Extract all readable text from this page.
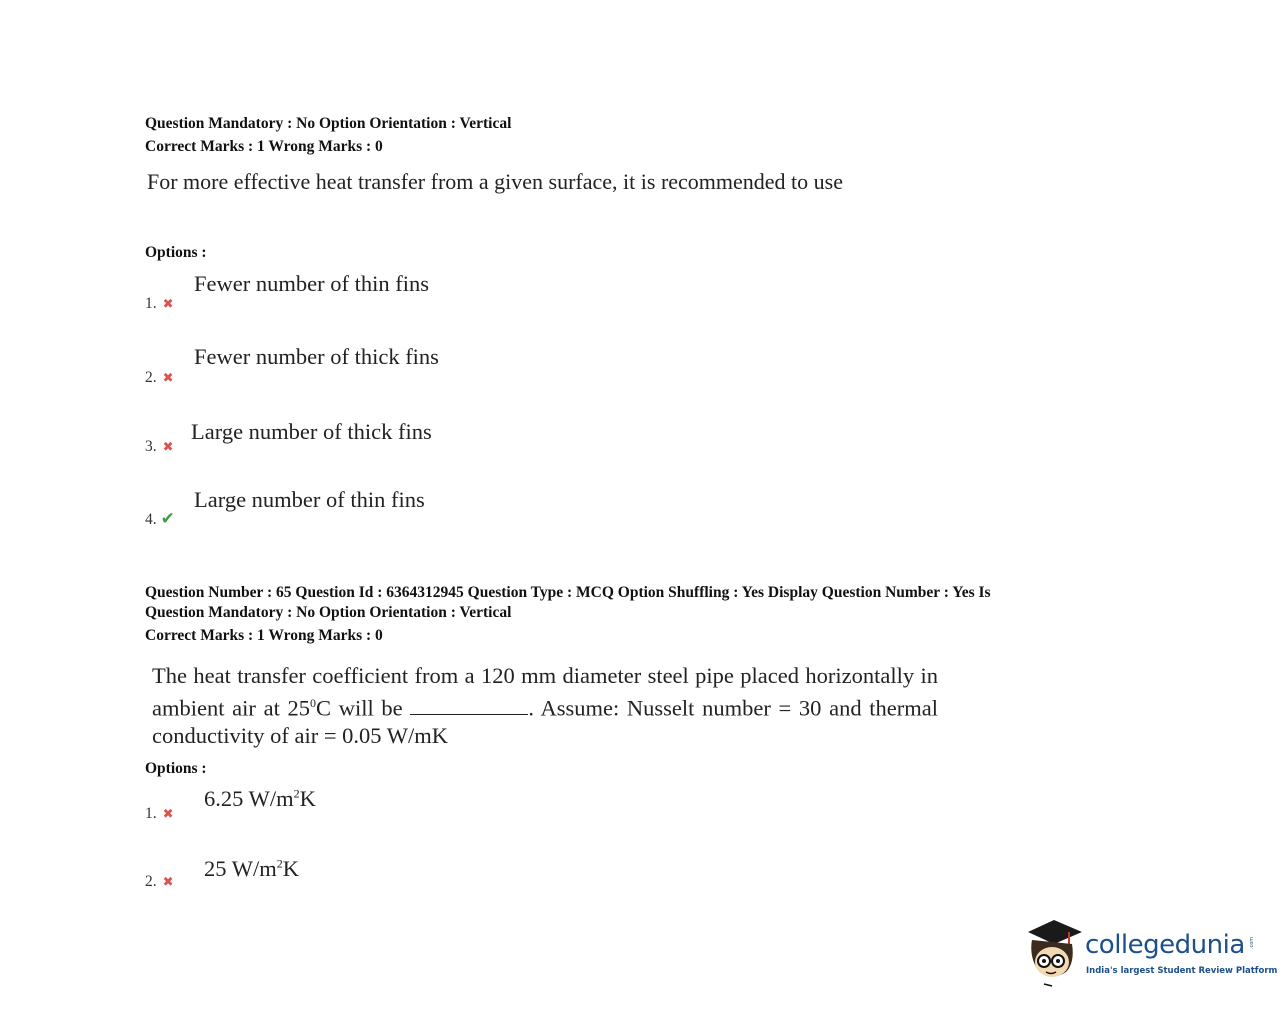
Question Mandatory : No Option Orientation : Vertical
Correct Marks : 1 Wrong Marks : 0
For more effective heat transfer from a given surface, it is recommended to use
Options :
Fewer number of thin fins
1. ✖
Fewer number of thick fins
2. ✖
Large number of thick fins
3. ✖
Large number of thin fins
4. ✔
Question Number : 65 Question Id : 6364312945 Question Type : MCQ Option Shuffling : Yes Display Question Number : Yes Is
Question Mandatory : No Option Orientation : Vertical
Correct Marks : 1 Wrong Marks : 0
The heat transfer coefficient from a 120 mm diameter steel pipe placed horizontally in ambient air at $25^0C$ will be	. Assume: Nusselt number = 30 and thermal conductivity of air = 0.05 W/mK
Options :
6.25 $W/m^2K$
1. ✖
25 $W/m^2K$
2. ✖
collegedunia .com
India's largest Student Review Platform
